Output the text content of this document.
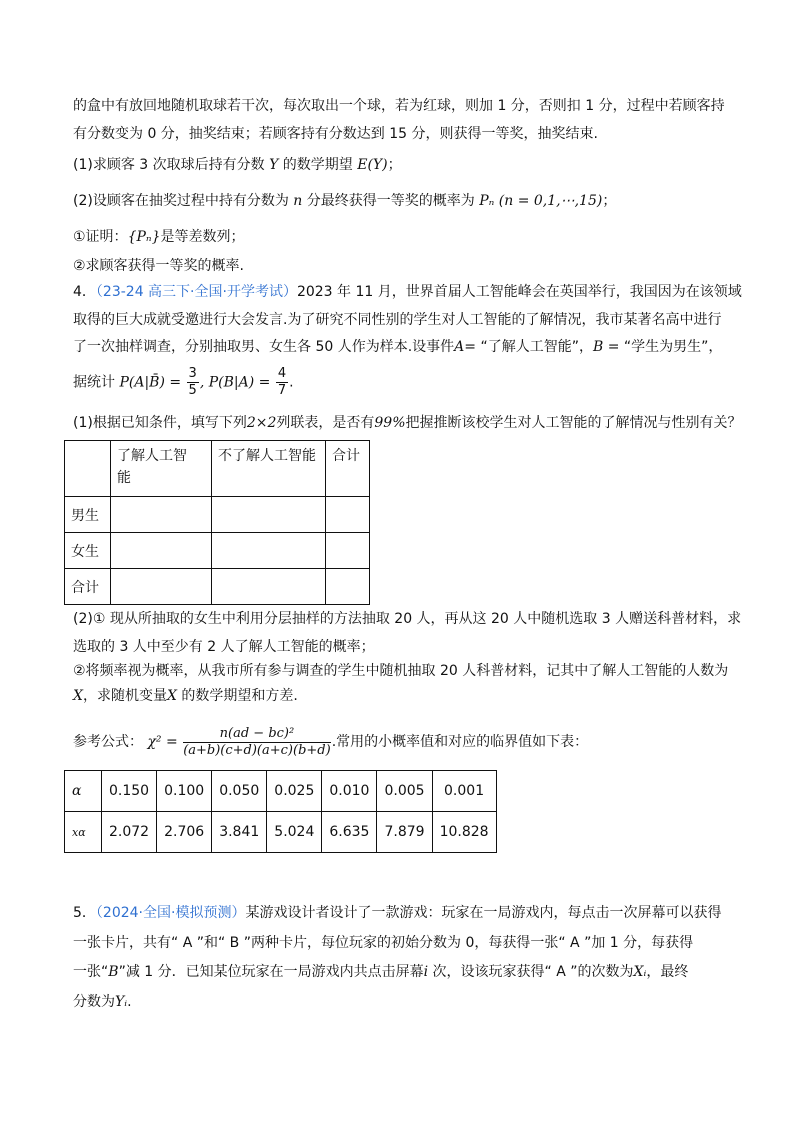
的盒中有放回地随机取球若干次，每次取出一个球，若为红球，则加 1 分，否则扣 1 分，过程中若顾客持
有分数变为 0 分，抽奖结束；若顾客持有分数达到 15 分，则获得一等奖，抽奖结束.
(1)求顾客 3 次取球后持有分数 Y 的数学期望 E(Y)；
(2)设顾客在抽奖过程中持有分数为 n 分最终获得一等奖的概率为 Pₙ (n = 0,1,⋯,15)；
①证明：{Pₙ}是等差数列；
②求顾客获得一等奖的概率.
4．（23-24 高三下·全国·开学考试）2023 年 11 月，世界首届人工智能峰会在英国举行，我国因为在该领域
取得的巨大成就受邀进行大会发言.为了研究不同性别的学生对人工智能的了解情况，我市某著名高中进行
了一次抽样调查，分别抽取男、女生各 50 人作为样本.设事件A= “了解人工智能”，B = “学生为男生”，
据统计 P(A|B̄) = $\frac{3}{5}$ , $P(B|A) = \frac{4}{7}$ .
(1)根据已知条件，填写下列2×2列联表，是否有99%把握推断该校学生对人工智能的了解情况与性别有关？
	了解人工智
能	不了解人工智能	合计
男生			
女生			
合计			
(2)① 现从所抽取的女生中利用分层抽样的方法抽取 20 人，再从这 20 人中随机选取 3 人赠送科普材料，求
选取的 3 人中至少有 2 人了解人工智能的概率；
②将频率视为概率，从我市所有参与调查的学生中随机抽取 20 人科普材料，记其中了解人工智能的人数为
X，求随机变量X 的数学期望和方差.
参考公式： $\chi^2 = \frac{\text{n(ad − bc)²}}{(a+b)(c+d)(a+c)(b+d)}$ .常用的小概率值和对应的临界值如下表：
α	0.150	0.100	0.050	0.025	0.010	0.005	0.001
xα	2.072	2.706	3.841	5.024	6.635	7.879	10.828
5．（2024·全国·模拟预测）某游戏设计者设计了一款游戏：玩家在一局游戏内，每点击一次屏幕可以获得
一张卡片，共有“ A ”和“ B ”两种卡片，每位玩家的初始分数为 0，每获得一张“ A ”加 1 分，每获得
一张“B”减 1 分．已知某位玩家在一局游戏内共点击屏幕i 次，设该玩家获得“ A ”的次数为Xᵢ，最终
分数为Yᵢ.
